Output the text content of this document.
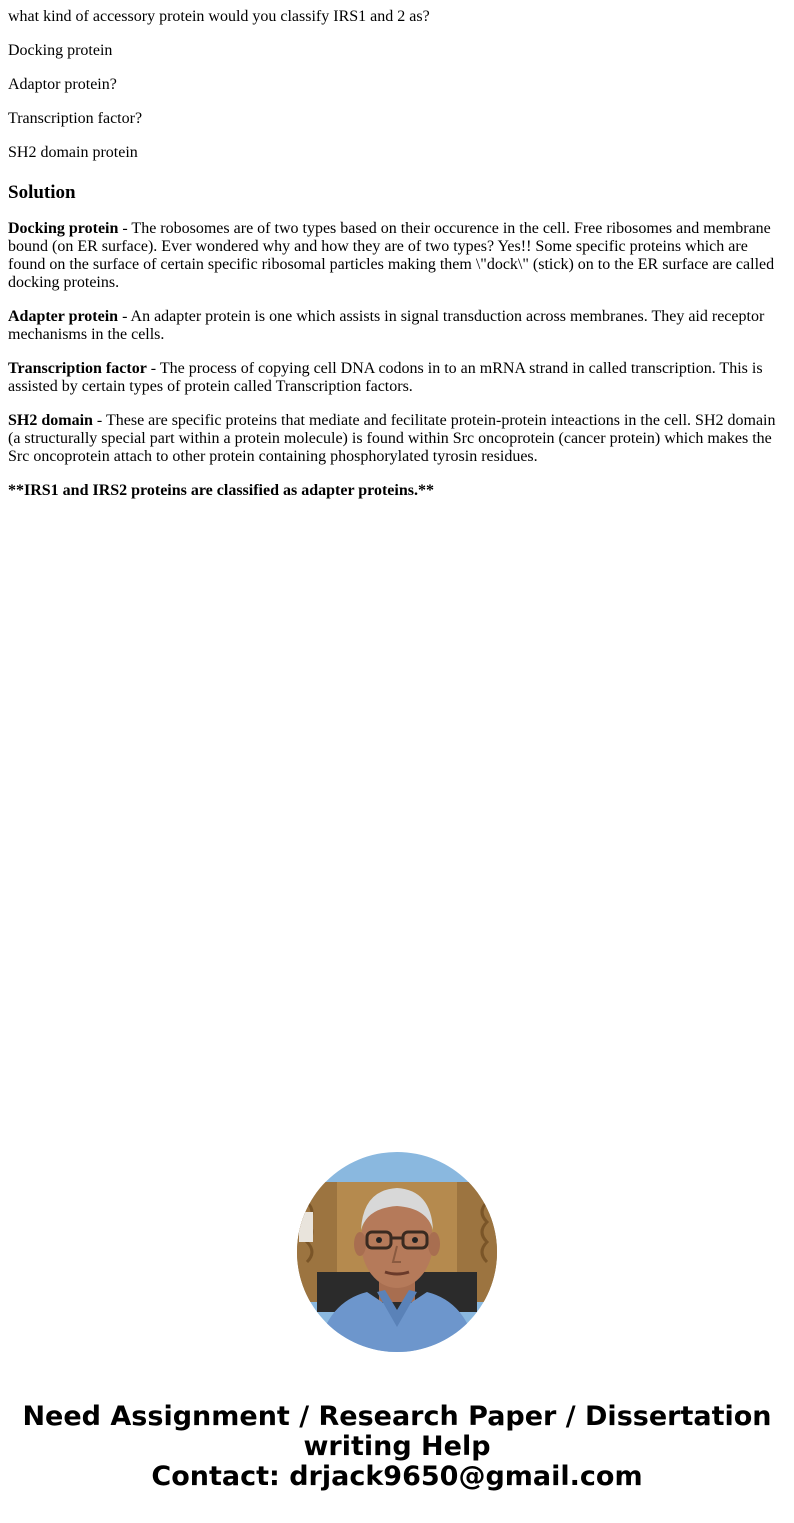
what kind of accessory protein would you classify IRS1 and 2 as?

Docking protein

Adaptor protein?

Transcription factor?

SH2 domain protein

Solution

Docking protein - The robosomes are of two types based on their occurence in the cell. Free ribosomes and membrane bound (on ER surface). Ever wondered why and how they are of two types? Yes!! Some specific proteins which are found on the surface of certain specific ribosomal particles making them \"dock\" (stick) on to the ER surface are called docking proteins.

Adapter protein - An adapter protein is one which assists in signal transduction across membranes. They aid receptor mechanisms in the cells.

Transcription factor - The process of copying cell DNA codons in to an mRNA strand in called transcription. This is assisted by certain types of protein called Transcription factors.

SH2 domain - These are specific proteins that mediate and fecilitate protein-protein inteactions in the cell. SH2 domain (a structurally special part within a protein molecule) is found within Src oncoprotein (cancer protein) which makes the Src oncoprotein attach to other protein containing phosphorylated tyrosin residues.

**IRS1 and IRS2 proteins are classified as adapter proteins.**

Need Assignment / Research Paper / Dissertation
writing Help
Contact: drjack9650@gmail.com
